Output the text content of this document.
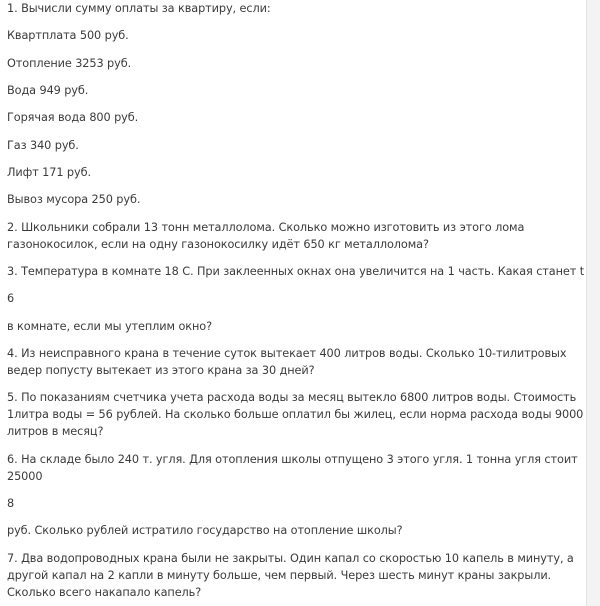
1. Вычисли сумму оплаты за квартиру, если:
Квартплата 500 руб.
Отопление 3253 руб.
Вода 949 руб.
Горячая вода 800 руб.
Газ 340 руб.
Лифт 171 руб.
Вывоз мусора 250 руб.
2. Школьники собрали 13 тонн металлолома. Сколько можно изготовить из этого лома
газонокосилок, если на одну газонокосилку идёт 650 кг металлолома?
3. Температура в комнате 18 С. При заклеенных окнах она увеличится на 1 часть. Какая станет t
6
в комнате, если мы утеплим окно?
4. Из неисправного крана в течение суток вытекает 400 литров воды. Сколько 10-тилитровых
ведер попусту вытекает из этого крана за 30 дней?
5. По показаниям счетчика учета расхода воды за месяц вытекло 6800 литров воды. Стоимость
1литра воды = 56 рублей. На сколько больше оплатил бы жилец, если норма расхода воды 9000
литров в месяц?
6. На складе было 240 т. угля. Для отопления школы отпущено 3 этого угля. 1 тонна угля стоит
25000
8
руб. Сколько рублей истратило государство на отопление школы?
7. Два водопроводных крана были не закрыты. Один капал со скоростью 10 капель в минуту, а
другой капал на 2 капли в минуту больше, чем первый. Через шесть минут краны закрыли.
Сколько всего накапало капель?
